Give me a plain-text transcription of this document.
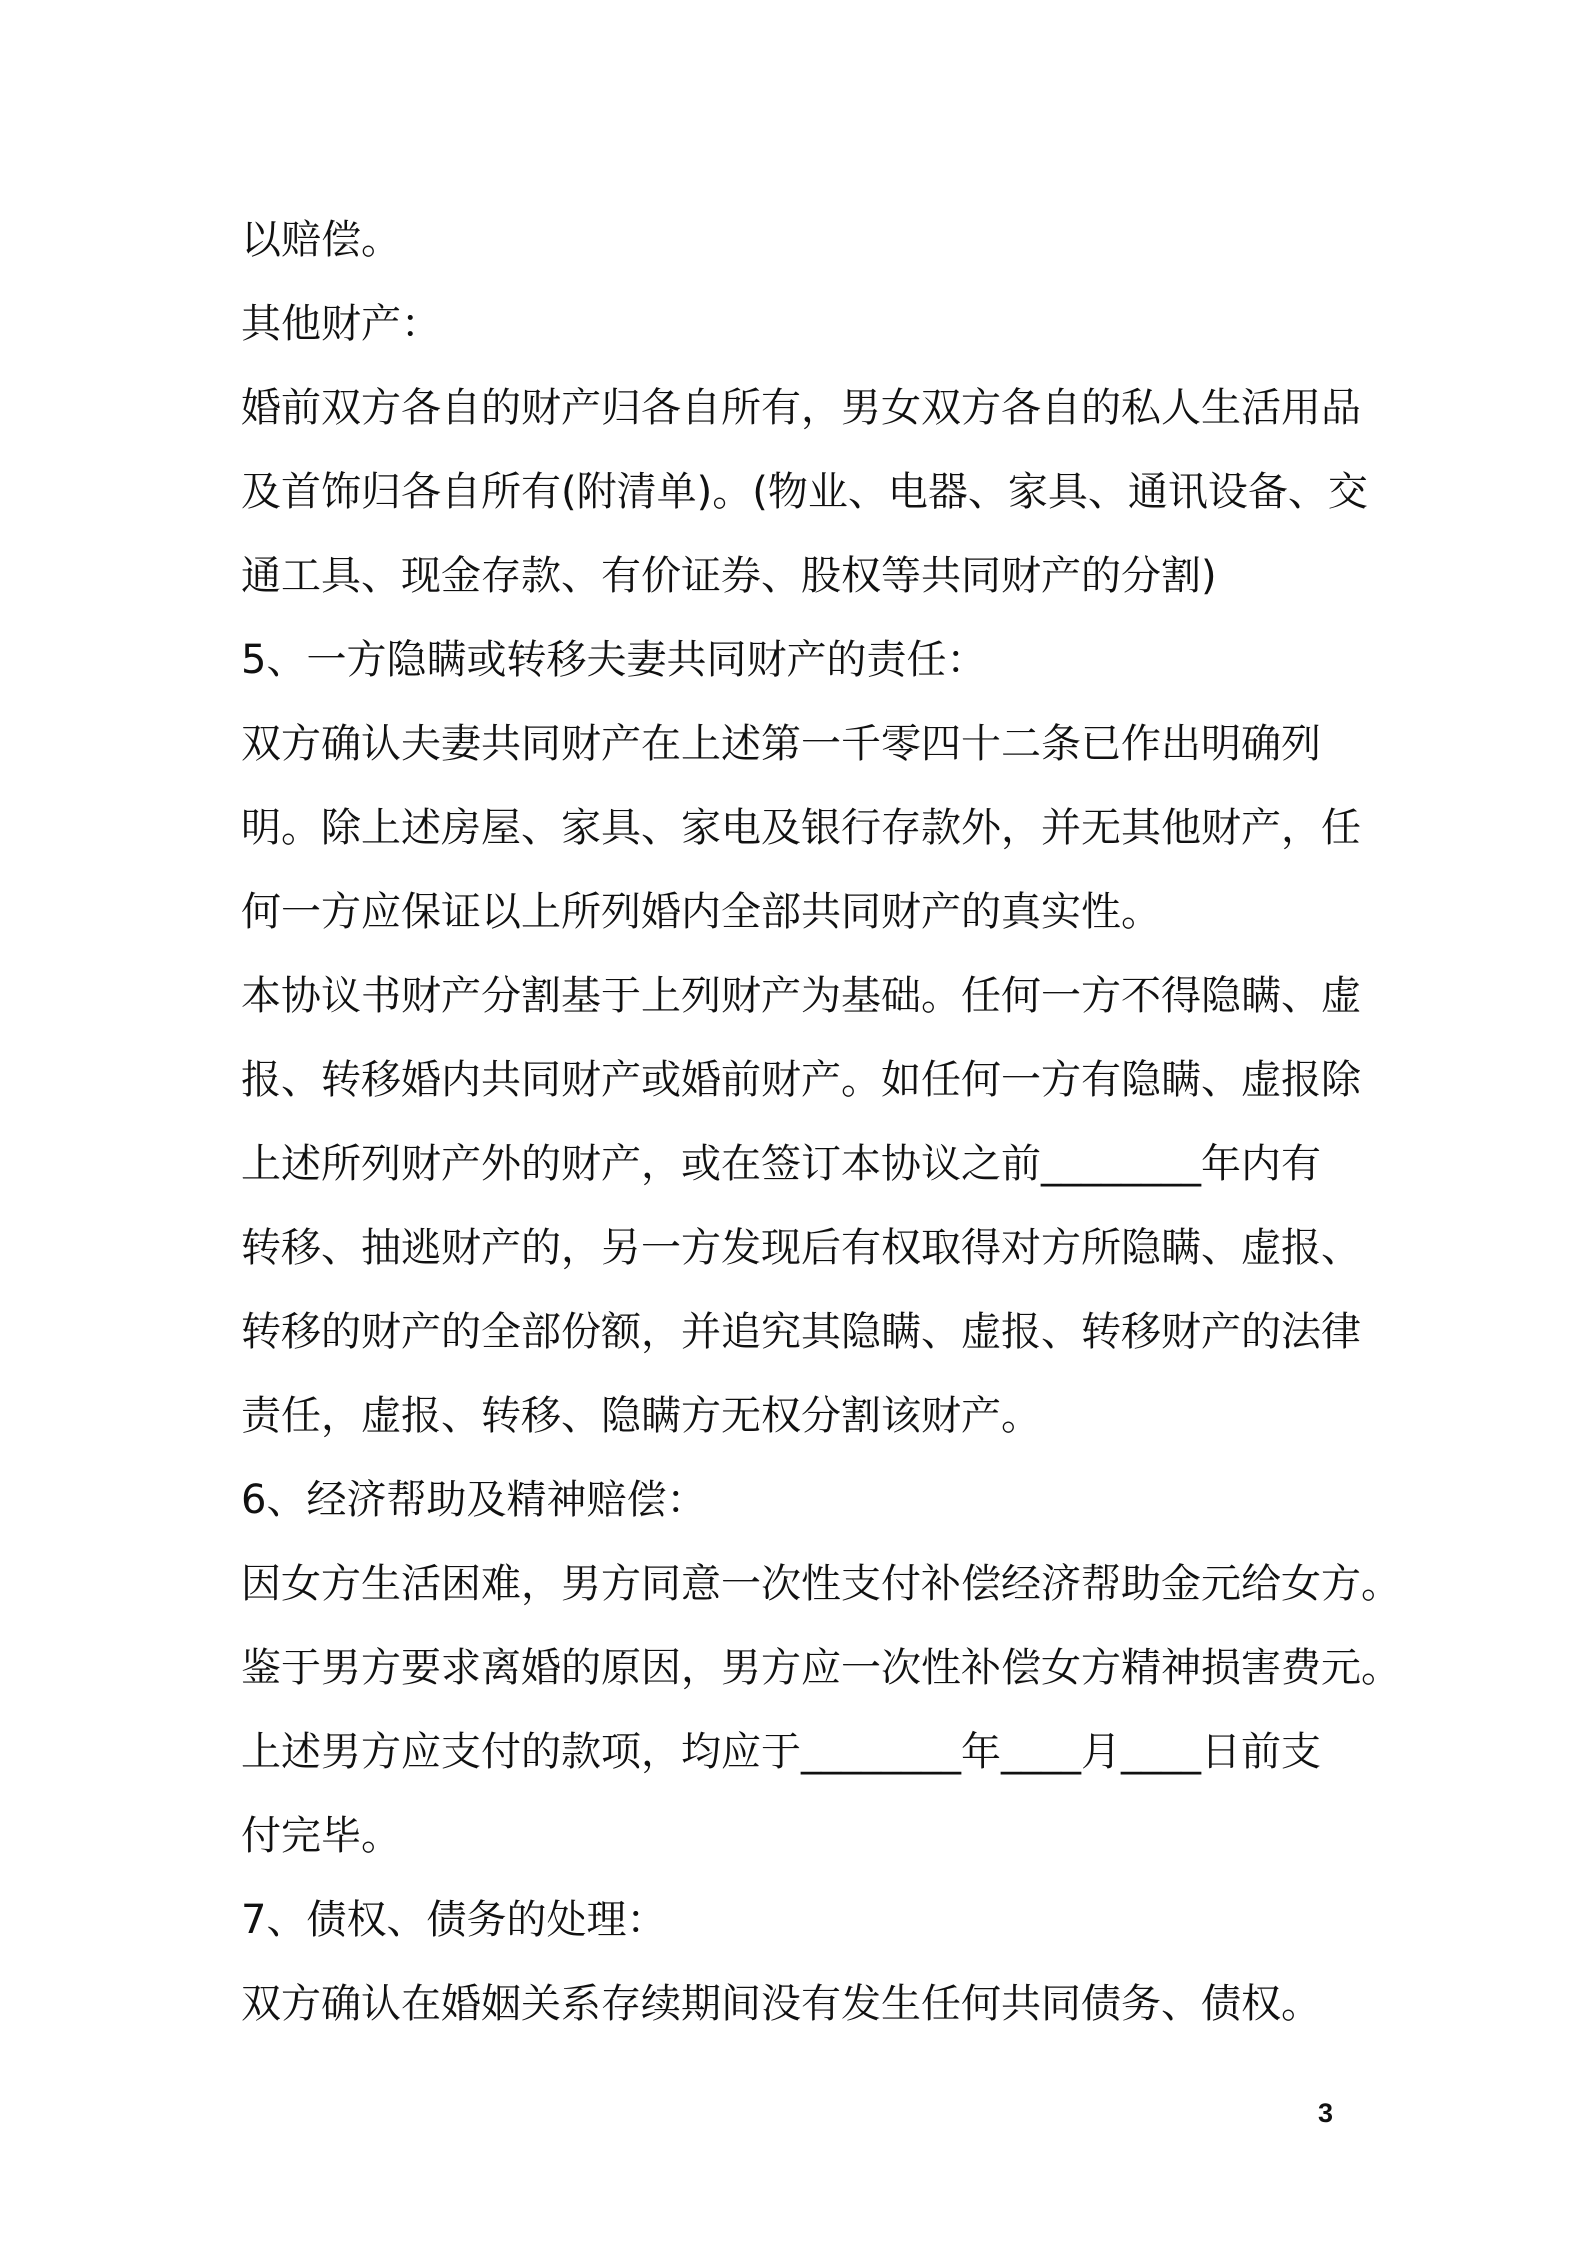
以赔偿。
其他财产：
婚前双方各自的财产归各自所有，男女双方各自的私人生活用品
及首饰归各自所有(附清单)。(物业、电器、家具、通讯设备、交
通工具、现金存款、有价证券、股权等共同财产的分割)
5、一方隐瞒或转移夫妻共同财产的责任：
双方确认夫妻共同财产在上述第一千零四十二条已作出明确列
明。除上述房屋、家具、家电及银行存款外，并无其他财产，任
何一方应保证以上所列婚内全部共同财产的真实性。
本协议书财产分割基于上列财产为基础。任何一方不得隐瞒、虚
报、转移婚内共同财产或婚前财产。如任何一方有隐瞒、虚报除
上述所列财产外的财产，或在签订本协议之前________年内有
转移、抽逃财产的，另一方发现后有权取得对方所隐瞒、虚报、
转移的财产的全部份额，并追究其隐瞒、虚报、转移财产的法律
责任，虚报、转移、隐瞒方无权分割该财产。
6、经济帮助及精神赔偿：
因女方生活困难，男方同意一次性支付补偿经济帮助金元给女方。
鉴于男方要求离婚的原因，男方应一次性补偿女方精神损害费元。
上述男方应支付的款项，均应于________年____月____日前支
付完毕。
7、债权、债务的处理：
双方确认在婚姻关系存续期间没有发生任何共同债务、债权。
3
